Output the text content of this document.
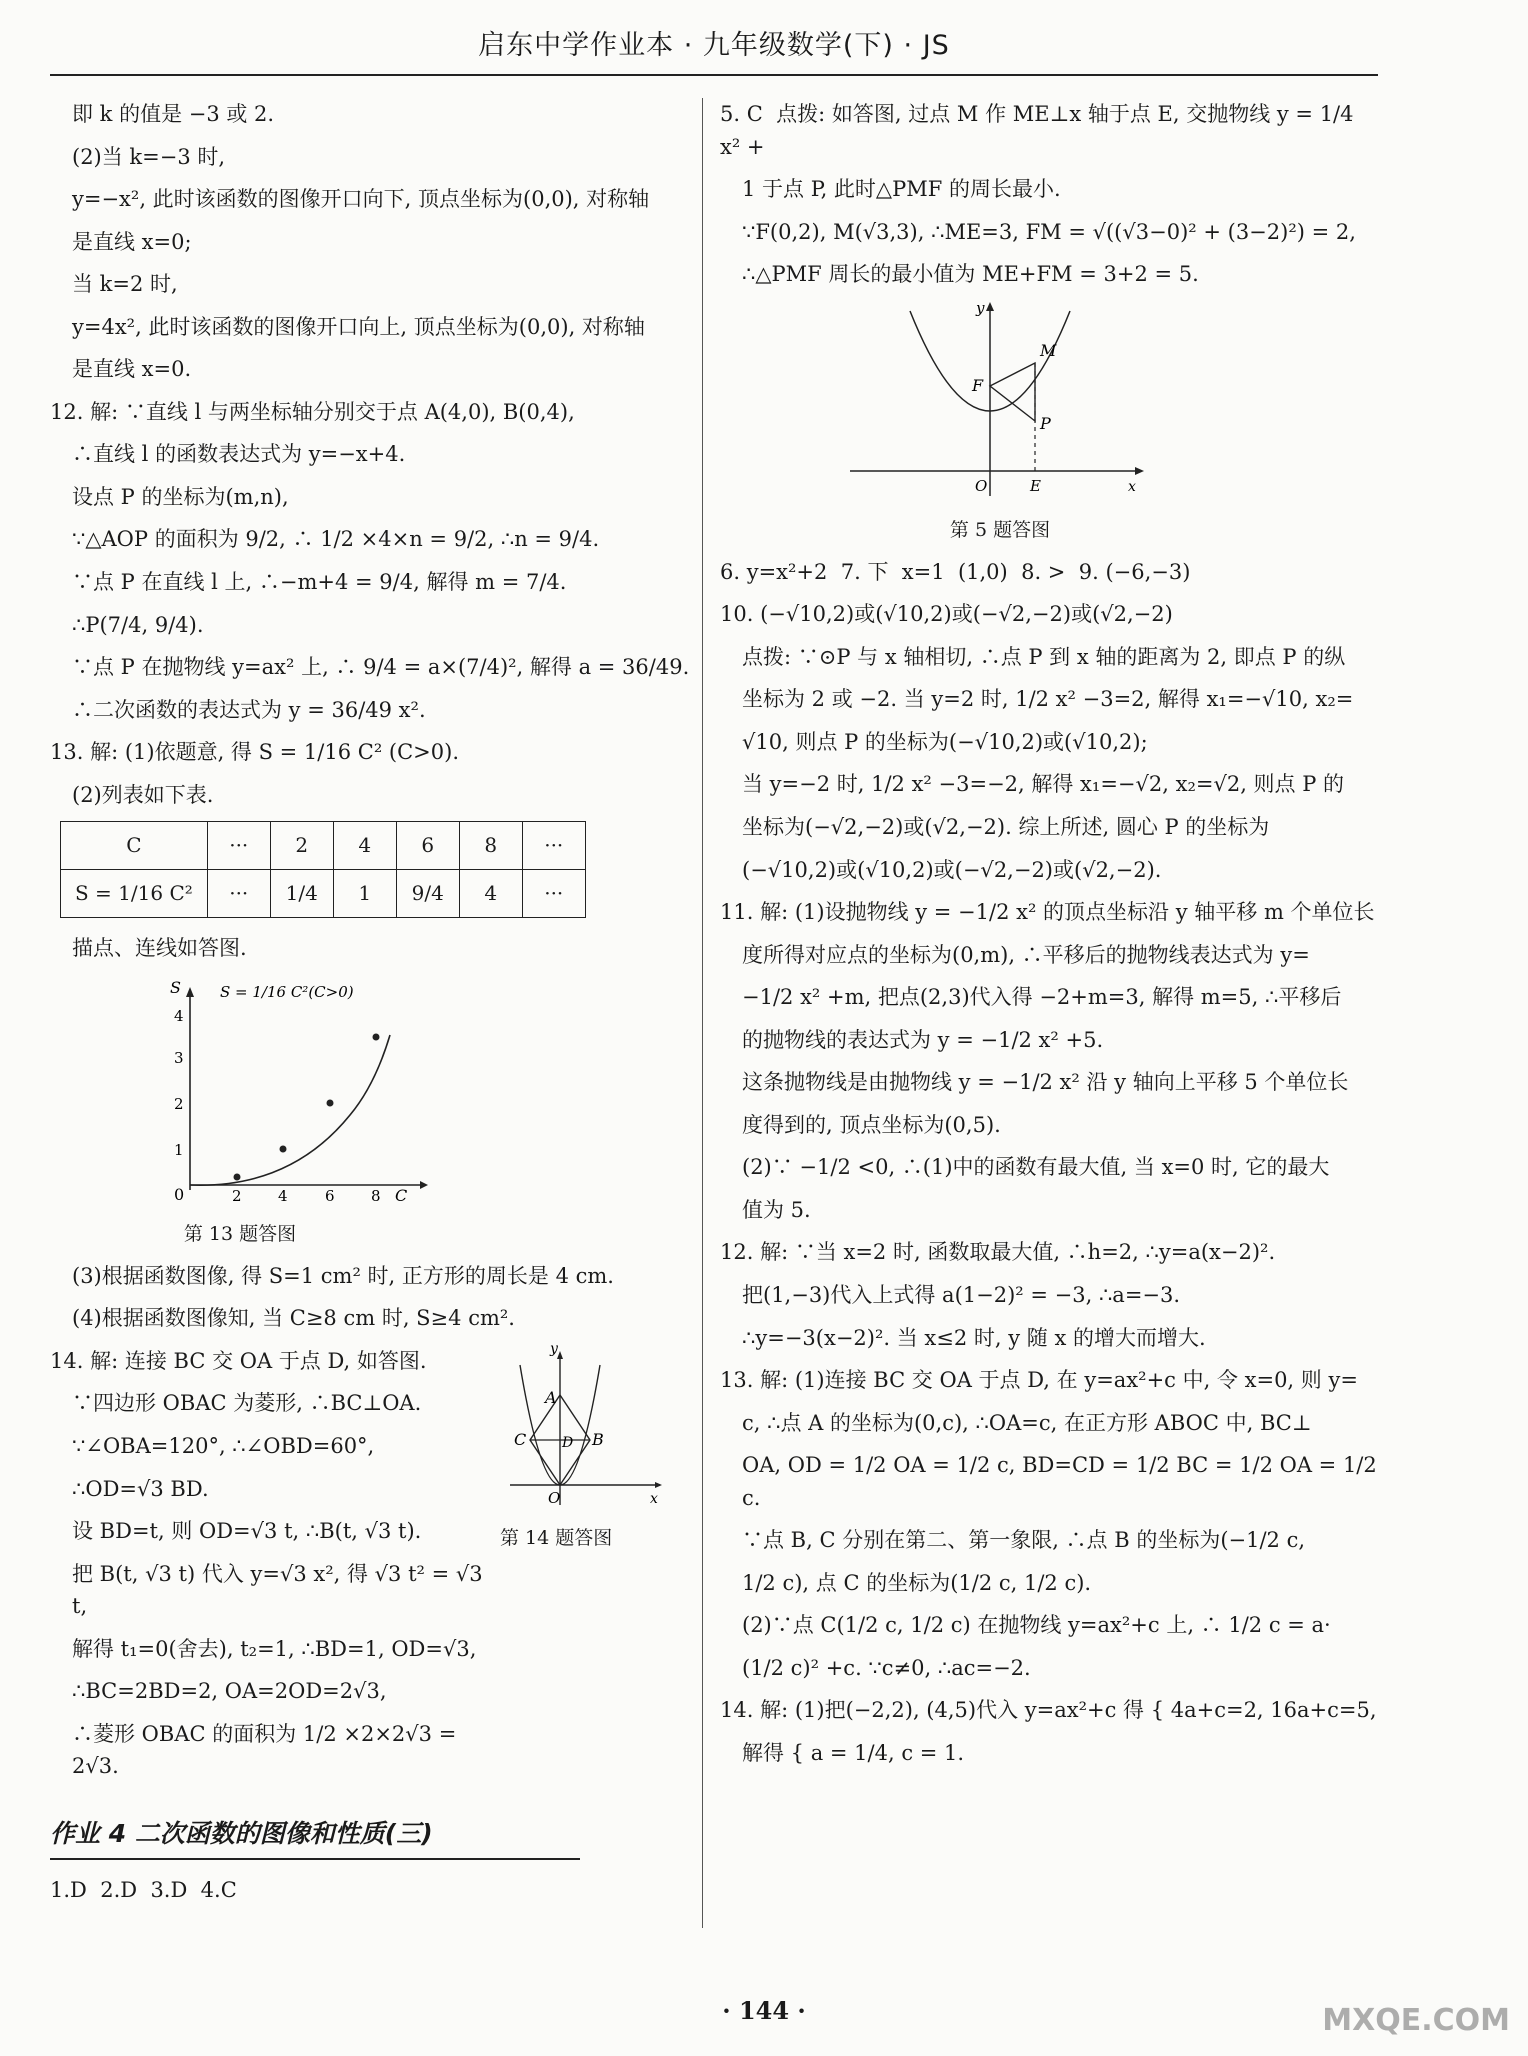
启东中学作业本 · 九年级数学(下) · JS
即 k 的值是 −3 或 2.
(2)当 k=−3 时,
y=−x², 此时该函数的图像开口向下, 顶点坐标为(0,0), 对称轴
是直线 x=0;
当 k=2 时,
y=4x², 此时该函数的图像开口向上, 顶点坐标为(0,0), 对称轴
是直线 x=0.
12. 解: ∵直线 l 与两坐标轴分别交于点 A(4,0), B(0,4),
∴直线 l 的函数表达式为 y=−x+4.
设点 P 的坐标为(m,n),
∵△AOP 的面积为 9/2, ∴ 1/2 ×4×n = 9/2, ∴n = 9/4.
∵点 P 在直线 l 上, ∴−m+4 = 9/4, 解得 m = 7/4.
∴P(7/4, 9/4).
∵点 P 在抛物线 y=ax² 上, ∴ 9/4 = a×(7/4)², 解得 a = 36/49.
∴二次函数的表达式为 y = 36/49 x².
13. 解: (1)依题意, 得 S = 1/16 C² (C>0).
(2)列表如下表.
C	···	2	4	6	8	···
S = 1/16 C²	···	1/4	1	9/4	4	···
描点、连线如答图.
0	2 4 6 8 C
1
2
3
4
S	S = 1/16 C²(C>0)
第 13 题答图
(3)根据函数图像, 得 S=1 cm² 时, 正方形的周长是 4 cm.
(4)根据函数图像知, 当 C≥8 cm 时, S≥4 cm².
14. 解: 连接 BC 交 OA 于点 D, 如答图.
∵四边形 OBAC 为菱形, ∴BC⊥OA.
∵∠OBA=120°, ∴∠OBD=60°,
∴OD=√3 BD.
设 BD=t, 则 OD=√3 t, ∴B(t, √3 t).
把 B(t, √3 t) 代入 y=√3 x², 得 √3 t² = √3 t,
解得 t₁=0(舍去), t₂=1, ∴BD=1, OD=√3,
∴BC=2BD=2, OA=2OD=2√3,
∴菱形 OBAC 的面积为 1/2 ×2×2√3 = 2√3.
y
A
C	D B
O	x
第 14 题答图
作业 4 二次函数的图像和性质(三)
1.D  2.D  3.D  4.C
5. C  点拨: 如答图, 过点 M 作 ME⊥x 轴于点 E, 交抛物线 y = 1/4 x² +
1 于点 P, 此时△PMF 的周长最小.
∵F(0,2), M(√3,3), ∴ME=3, FM = √((√3−0)² + (3−2)²) = 2,
∴△PMF 周长的最小值为 ME+FM = 3+2 = 5.
y
M
F
P
O	E	x
第 5 题答图
6. y=x²+2  7. 下  x=1  (1,0)  8. >  9. (−6,−3)
10. (−√10,2)或(√10,2)或(−√2,−2)或(√2,−2)
点拨: ∵⊙P 与 x 轴相切, ∴点 P 到 x 轴的距离为 2, 即点 P 的纵
坐标为 2 或 −2. 当 y=2 时, 1/2 x² −3=2, 解得 x₁=−√10, x₂=
√10, 则点 P 的坐标为(−√10,2)或(√10,2);
当 y=−2 时, 1/2 x² −3=−2, 解得 x₁=−√2, x₂=√2, 则点 P 的
坐标为(−√2,−2)或(√2,−2). 综上所述, 圆心 P 的坐标为
(−√10,2)或(√10,2)或(−√2,−2)或(√2,−2).
11. 解: (1)设抛物线 y = −1/2 x² 的顶点坐标沿 y 轴平移 m 个单位长
度所得对应点的坐标为(0,m), ∴平移后的抛物线表达式为 y=
−1/2 x² +m, 把点(2,3)代入得 −2+m=3, 解得 m=5, ∴平移后
的抛物线的表达式为 y = −1/2 x² +5.
这条抛物线是由抛物线 y = −1/2 x² 沿 y 轴向上平移 5 个单位长
度得到的, 顶点坐标为(0,5).
(2)∵ −1/2 <0, ∴(1)中的函数有最大值, 当 x=0 时, 它的最大
值为 5.
12. 解: ∵当 x=2 时, 函数取最大值, ∴h=2, ∴y=a(x−2)².
把(1,−3)代入上式得 a(1−2)² = −3, ∴a=−3.
∴y=−3(x−2)². 当 x≤2 时, y 随 x 的增大而增大.
13. 解: (1)连接 BC 交 OA 于点 D, 在 y=ax²+c 中, 令 x=0, 则 y=
c, ∴点 A 的坐标为(0,c), ∴OA=c, 在正方形 ABOC 中, BC⊥
OA, OD = 1/2 OA = 1/2 c, BD=CD = 1/2 BC = 1/2 OA = 1/2 c.
∵点 B, C 分别在第二、第一象限, ∴点 B 的坐标为(−1/2 c,
1/2 c), 点 C 的坐标为(1/2 c, 1/2 c).
(2)∵点 C(1/2 c, 1/2 c) 在抛物线 y=ax²+c 上, ∴ 1/2 c = a·
(1/2 c)² +c. ∵c≠0, ∴ac=−2.
14. 解: (1)把(−2,2), (4,5)代入 y=ax²+c 得 { 4a+c=2, 16a+c=5,
解得 { a = 1/4, c = 1.
· 144 ·	MXQE.COM
